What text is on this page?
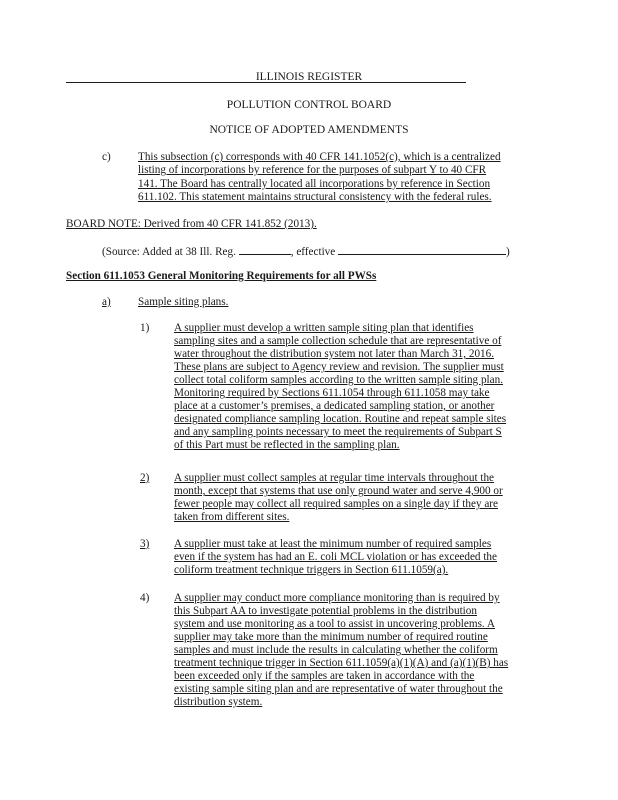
ILLINOIS REGISTER
POLLUTION CONTROL BOARD
NOTICE OF ADOPTED AMENDMENTS
c) This subsection (c) corresponds with 40 CFR 141.1052(c), which is a centralized
listing of incorporations by reference for the purposes of subpart Y to 40 CFR
141. The Board has centrally located all incorporations by reference in Section
611.102. This statement maintains structural consistency with the federal rules.
BOARD NOTE: Derived from 40 CFR 141.852 (2013).
(Source: Added at 38 Ill. Reg.	, effective	)
Section 611.1053 General Monitoring Requirements for all PWSs
a) Sample siting plans.
1) A supplier must develop a written sample siting plan that identifies
sampling sites and a sample collection schedule that are representative of
water throughout the distribution system not later than March 31, 2016.
These plans are subject to Agency review and revision. The supplier must
collect total coliform samples according to the written sample siting plan.
Monitoring required by Sections 611.1054 through 611.1058 may take
place at a customer’s premises, a dedicated sampling station, or another
designated compliance sampling location. Routine and repeat sample sites
and any sampling points necessary to meet the requirements of Subpart S
of this Part must be reflected in the sampling plan.
2) A supplier must collect samples at regular time intervals throughout the
month, except that systems that use only ground water and serve 4,900 or
fewer people may collect all required samples on a single day if they are
taken from different sites.
3) A supplier must take at least the minimum number of required samples
even if the system has had an E. coli MCL violation or has exceeded the
coliform treatment technique triggers in Section 611.1059(a).
4) A supplier may conduct more compliance monitoring than is required by
this Subpart AA to investigate potential problems in the distribution
system and use monitoring as a tool to assist in uncovering problems. A
supplier may take more than the minimum number of required routine
samples and must include the results in calculating whether the coliform
treatment technique trigger in Section 611.1059(a)(1)(A) and (a)(1)(B) has
been exceeded only if the samples are taken in accordance with the
existing sample siting plan and are representative of water throughout the
distribution system.
